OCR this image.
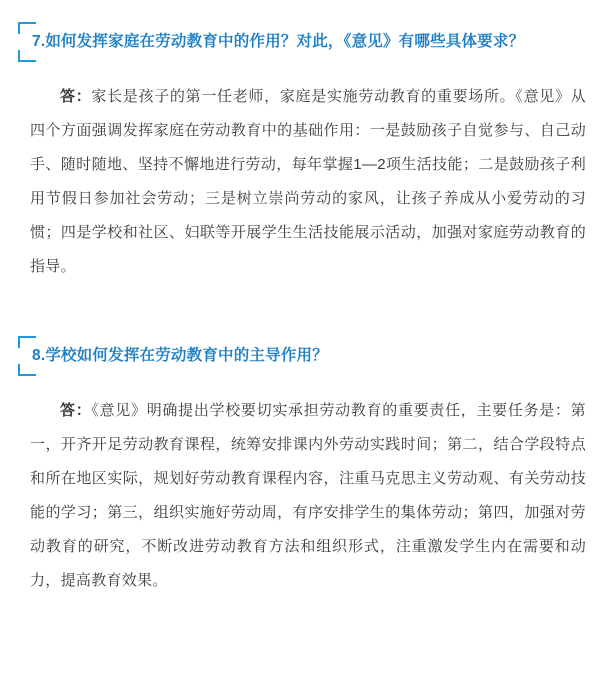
7.如何发挥家庭在劳动教育中的作用？对此，《意见》有哪些具体要求？

答：家长是孩子的第一任老师，家庭是实施劳动教育的重要场所。《意见》从四个方面强调发挥家庭在劳动教育中的基础作用：一是鼓励孩子自觉参与、自己动手、随时随地、坚持不懈地进行劳动，每年掌握1—2项生活技能；二是鼓励孩子利用节假日参加社会劳动；三是树立崇尚劳动的家风，让孩子养成从小爱劳动的习惯；四是学校和社区、妇联等开展学生生活技能展示活动，加强对家庭劳动教育的指导。

8.学校如何发挥在劳动教育中的主导作用？

答：《意见》明确提出学校要切实承担劳动教育的重要责任，主要任务是：第一，开齐开足劳动教育课程，统筹安排课内外劳动实践时间；第二，结合学段特点和所在地区实际，规划好劳动教育课程内容，注重马克思主义劳动观、有关劳动技能的学习；第三，组织实施好劳动周，有序安排学生的集体劳动；第四，加强对劳动教育的研究，不断改进劳动教育方法和组织形式，注重激发学生内在需要和动力，提高教育效果。
